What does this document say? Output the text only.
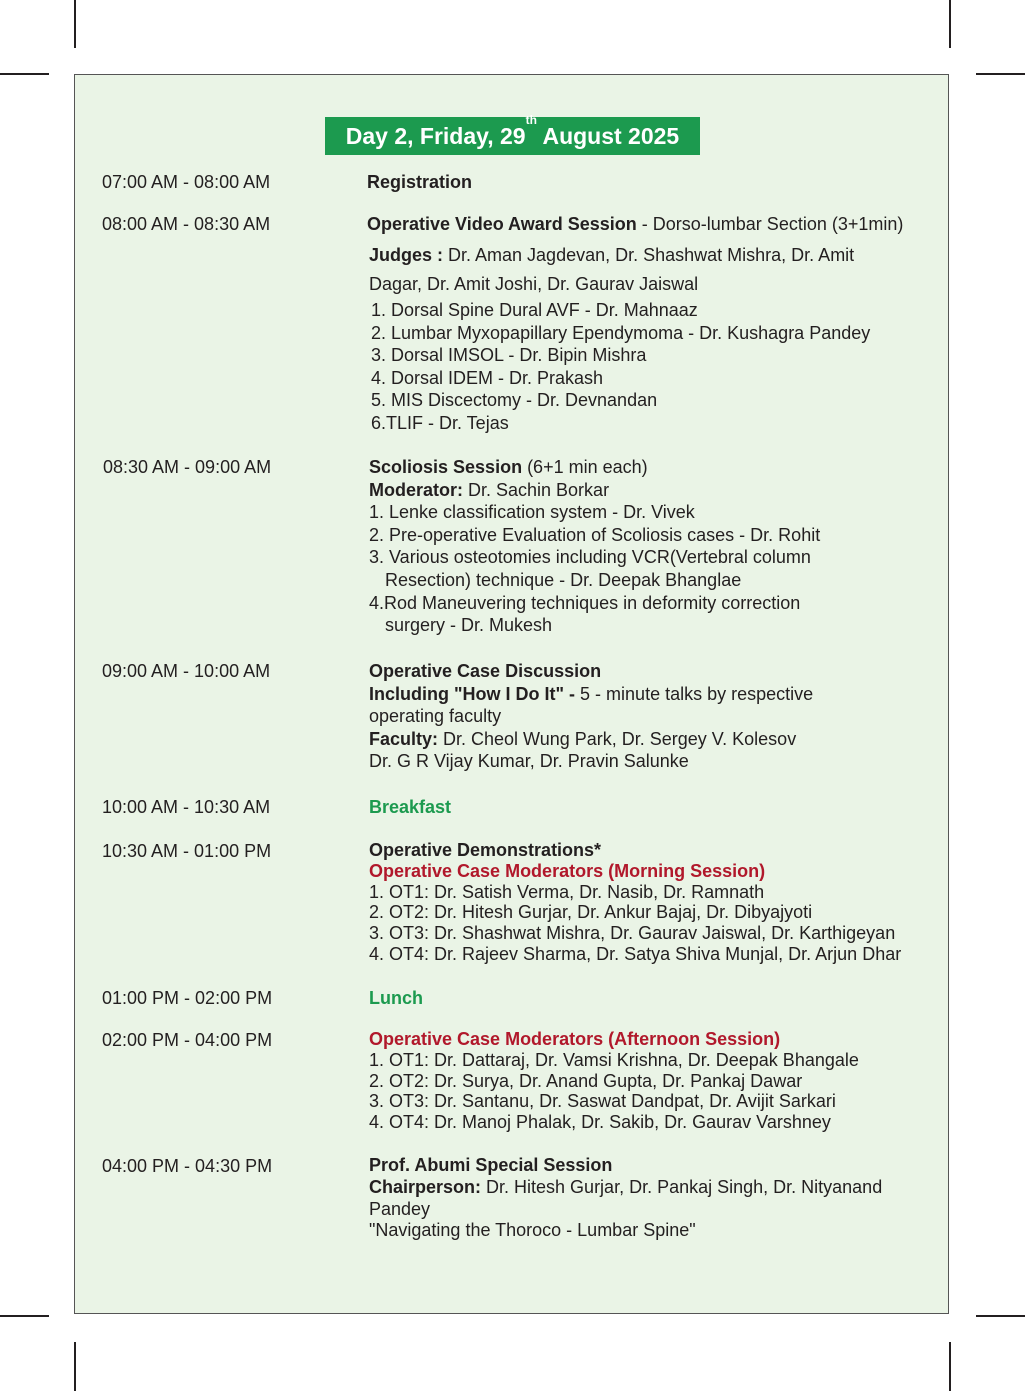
Day 2, Friday, 29th August 2025
07:00 AM - 08:00 AM	Registration
08:00 AM - 08:30 AM	Operative Video Award Session - Dorso-lumbar Section (3+1min)
Judges : Dr. Aman Jagdevan, Dr. Shashwat Mishra, Dr. Amit
Dagar, Dr. Amit Joshi, Dr. Gaurav Jaiswal
1. Dorsal Spine Dural AVF - Dr. Mahnaaz
2. Lumbar Myxopapillary Ependymoma - Dr. Kushagra Pandey
3. Dorsal IMSOL - Dr. Bipin Mishra
4. Dorsal IDEM - Dr. Prakash
5. MIS Discectomy - Dr. Devnandan
6.TLIF - Dr. Tejas
08:30 AM - 09:00 AM	Scoliosis Session (6+1 min each)
Moderator: Dr. Sachin Borkar
1. Lenke classification system - Dr. Vivek
2. Pre-operative Evaluation of Scoliosis cases - Dr. Rohit
3. Various osteotomies including VCR(Vertebral column
Resection) technique - Dr. Deepak Bhanglae
4.Rod Maneuvering techniques in deformity correction
surgery - Dr. Mukesh
09:00 AM - 10:00 AM	Operative Case Discussion
Including "How I Do It" - 5 - minute talks by respective
operating faculty
Faculty: Dr. Cheol Wung Park, Dr. Sergey V. Kolesov
Dr. G R Vijay Kumar, Dr. Pravin Salunke
10:00 AM - 10:30 AM	Breakfast
10:30 AM - 01:00 PM	Operative Demonstrations*
Operative Case Moderators (Morning Session)
1. OT1: Dr. Satish Verma, Dr. Nasib, Dr. Ramnath
2. OT2: Dr. Hitesh Gurjar, Dr. Ankur Bajaj, Dr. Dibyajyoti
3. OT3: Dr. Shashwat Mishra, Dr. Gaurav Jaiswal, Dr. Karthigeyan
4. OT4: Dr. Rajeev Sharma, Dr. Satya Shiva Munjal, Dr. Arjun Dhar
01:00 PM - 02:00 PM	Lunch
02:00 PM - 04:00 PM	Operative Case Moderators (Afternoon Session)
1. OT1: Dr. Dattaraj, Dr. Vamsi Krishna, Dr. Deepak Bhangale
2. OT2: Dr. Surya, Dr. Anand Gupta, Dr. Pankaj Dawar
3. OT3: Dr. Santanu, Dr. Saswat Dandpat, Dr. Avijit Sarkari
4. OT4: Dr. Manoj Phalak, Dr. Sakib, Dr. Gaurav Varshney
04:00 PM - 04:30 PM	Prof. Abumi Special Session
Chairperson: Dr. Hitesh Gurjar, Dr. Pankaj Singh, Dr. Nityanand
Pandey
"Navigating the Thoroco - Lumbar Spine"
